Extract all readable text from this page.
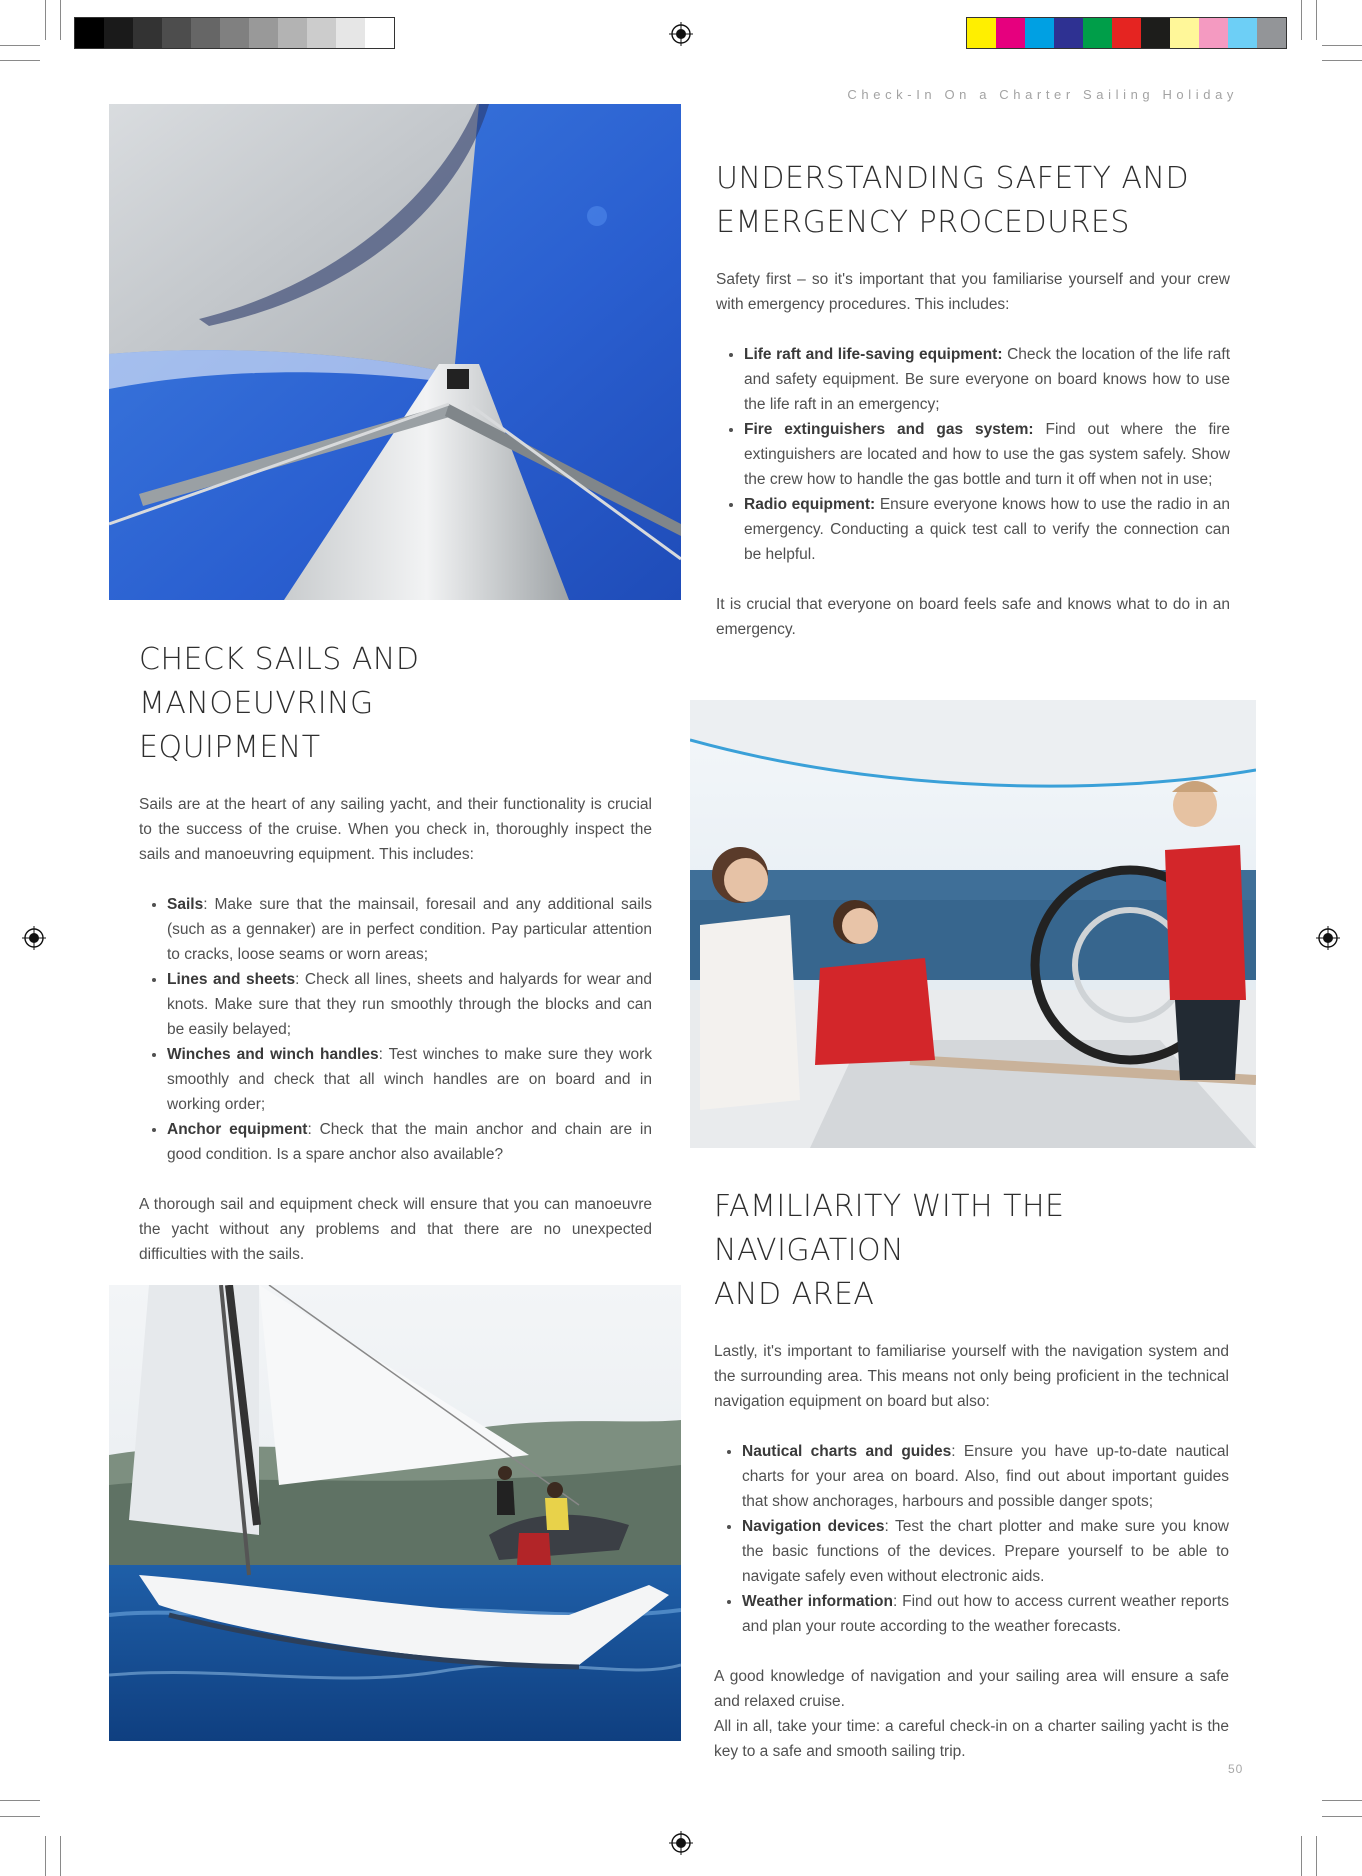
Check-In On a Charter Sailing Holiday
UNDERSTANDING SAFETY AND
EMERGENCY PROCEDURES

Safety first – so it's important that you familiarise yourself and your crew with emergency procedures. This includes:

• Life raft and life-saving equipment: Check the location of the life raft and safety equipment. Be sure everyone on board knows how to use the life raft in an emergency;
• Fire extinguishers and gas system: Find out where the fire extinguishers are located and how to use the gas system safely. Show the crew how to handle the gas bottle and turn it off when not in use;
• Radio equipment: Ensure everyone knows how to use the radio in an emergency. Conducting a quick test call to verify the connection can be helpful.

It is crucial that everyone on board feels safe and knows what to do in an emergency.

CHECK SAILS AND MANOEUVRING
EQUIPMENT

Sails are at the heart of any sailing yacht, and their functionality is crucial to the success of the cruise. When you check in, thoroughly inspect the sails and manoeuvring equipment. This includes:

• Sails: Make sure that the mainsail, foresail and any additional sails (such as a gennaker) are in perfect condition. Pay particular attention to cracks, loose seams or worn areas;
• Lines and sheets: Check all lines, sheets and halyards for wear and knots. Make sure that they run smoothly through the blocks and can be easily belayed;
• Winches and winch handles: Test winches to make sure they work smoothly and check that all winch handles are on board and in working order;
• Anchor equipment: Check that the main anchor and chain are in good condition. Is a spare anchor also available?

A thorough sail and equipment check will ensure that you can manoeuvre the yacht without any problems and that there are no unexpected difficulties with the sails.

FAMILIARITY WITH THE NAVIGATION
AND AREA

Lastly, it's important to familiarise yourself with the navigation system and the surrounding area. This means not only being proficient in the technical navigation equipment on board but also:

• Nautical charts and guides: Ensure you have up-to-date nautical charts for your area on board. Also, find out about important guides that show anchorages, harbours and possible danger spots;
• Navigation devices: Test the chart plotter and make sure you know the basic functions of the devices. Prepare yourself to be able to navigate safely even without electronic aids.
• Weather information: Find out how to access current weather reports and plan your route according to the weather forecasts.

A good knowledge of navigation and your sailing area will ensure a safe and relaxed cruise.

All in all, take your time: a careful check-in on a charter sailing yacht is the key to a safe and smooth sailing trip.

50
